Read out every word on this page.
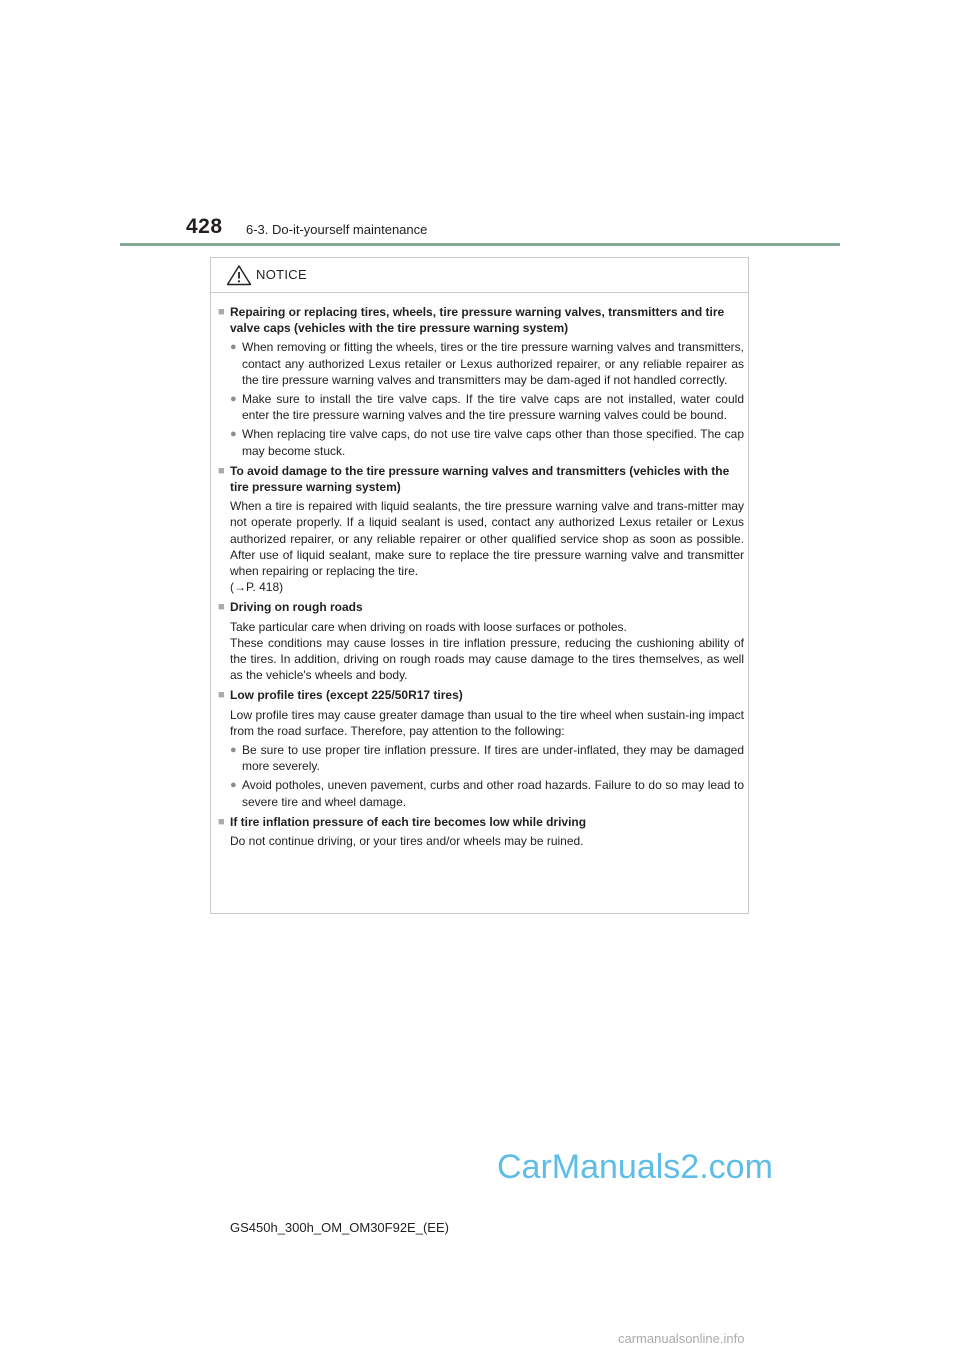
428 6-3. Do-it-yourself maintenance
NOTICE
■ Repairing or replacing tires, wheels, tire pressure warning valves, transmitters and tire valve caps (vehicles with the tire pressure warning system)
● When removing or fitting the wheels, tires or the tire pressure warning valves and transmitters, contact any authorized Lexus retailer or Lexus authorized repairer, or any reliable repairer as the tire pressure warning valves and transmitters may be dam-aged if not handled correctly.
● Make sure to install the tire valve caps. If the tire valve caps are not installed, water could enter the tire pressure warning valves and the tire pressure warning valves could be bound.
● When replacing tire valve caps, do not use tire valve caps other than those specified. The cap may become stuck.
■ To avoid damage to the tire pressure warning valves and transmitters (vehicles with the tire pressure warning system)
When a tire is repaired with liquid sealants, the tire pressure warning valve and trans-mitter may not operate properly. If a liquid sealant is used, contact any authorized Lexus retailer or Lexus authorized repairer, or any reliable repairer or other qualified service shop as soon as possible. After use of liquid sealant, make sure to replace the tire pressure warning valve and transmitter when repairing or replacing the tire.
(→P. 418)
■ Driving on rough roads
Take particular care when driving on roads with loose surfaces or potholes.
These conditions may cause losses in tire inflation pressure, reducing the cushioning ability of the tires. In addition, driving on rough roads may cause damage to the tires themselves, as well as the vehicle's wheels and body.
■ Low profile tires (except 225/50R17 tires)
Low profile tires may cause greater damage than usual to the tire wheel when sustain-ing impact from the road surface. Therefore, pay attention to the following:
● Be sure to use proper tire inflation pressure. If tires are under-inflated, they may be damaged more severely.
● Avoid potholes, uneven pavement, curbs and other road hazards. Failure to do so may lead to severe tire and wheel damage.
■ If tire inflation pressure of each tire becomes low while driving
Do not continue driving, or your tires and/or wheels may be ruined.
CarManuals2.com
GS450h_300h_OM_OM30F92E_(EE)
carmanualsonline.info
